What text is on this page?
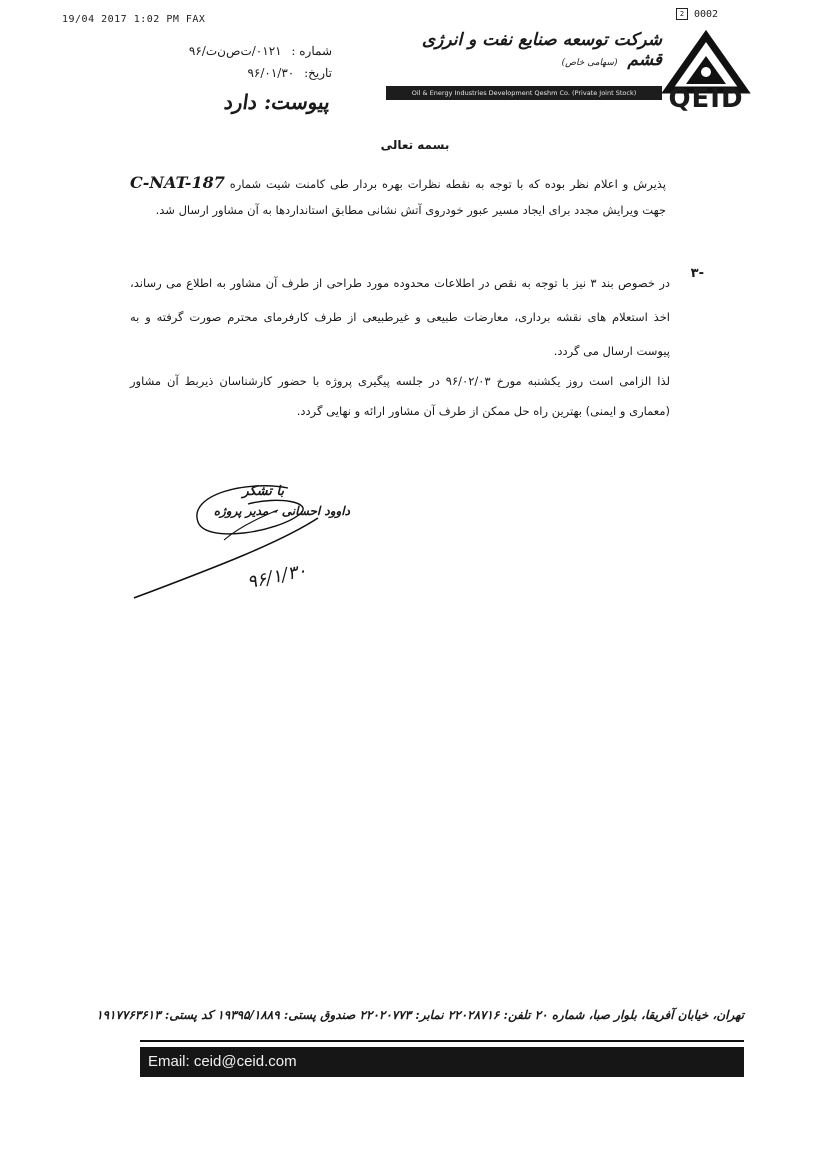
19/04 2017 1:02 PM FAX	2 0002
شماره : ۰۱۲۱/ت‌ص‌ن‌ت/۹۶
تاریخ: ۹۶/۰۱/۳۰
پیوست: دارد
شرکت توسعه صنایع نفت و انرژی قشم (سهامی خاص)
Oil & Energy Industries Development Qeshm Co. (Private Joint Stock)	QEID
بسمه تعالی
پذیرش و اعلام نظر بوده که با توجه به نقطه نظرات بهره بردار طی کامنت شیت شماره C-NAT-187 جهت ویرایش مجدد برای ایجاد مسیر عبور خودروی آتش نشانی مطابق استانداردها به آن مشاور ارسال شد.
-۳
در خصوص بند ۳ نیز با توجه به نقص در اطلاعات محدوده مورد طراحی از طرف آن مشاور به اطلاع می رساند، اخذ استعلام های نقشه برداری، معارضات طبیعی و غیرطبیعی از طرف کارفرمای محترم صورت گرفته و به پیوست ارسال می گردد.
لذا الزامی است روز یکشنبه مورخ ۹۶/۰۲/۰۳ در جلسه پیگیری پروژه با حضور کارشناسان ذیربط آن مشاور (معماری و ایمنی) بهترین راه حل ممکن از طرف آن مشاور ارائه و نهایی گردد.
با تشکر
داوود احسانی - مدیر پروژه
۹۶/۱/۳۰
تهران، خیابان آفریقا، بلوار صبا، شماره ۲۰ تلفن: ۲۲۰۲۸۷۱۶ نمابر: ۲۲۰۲۰۷۷۳ صندوق پستی: ۱۹۳۹۵/۱۸۸۹ کد پستی: ۱۹۱۷۷۶۳۶۱۳
Email: ceid@ceid.com
